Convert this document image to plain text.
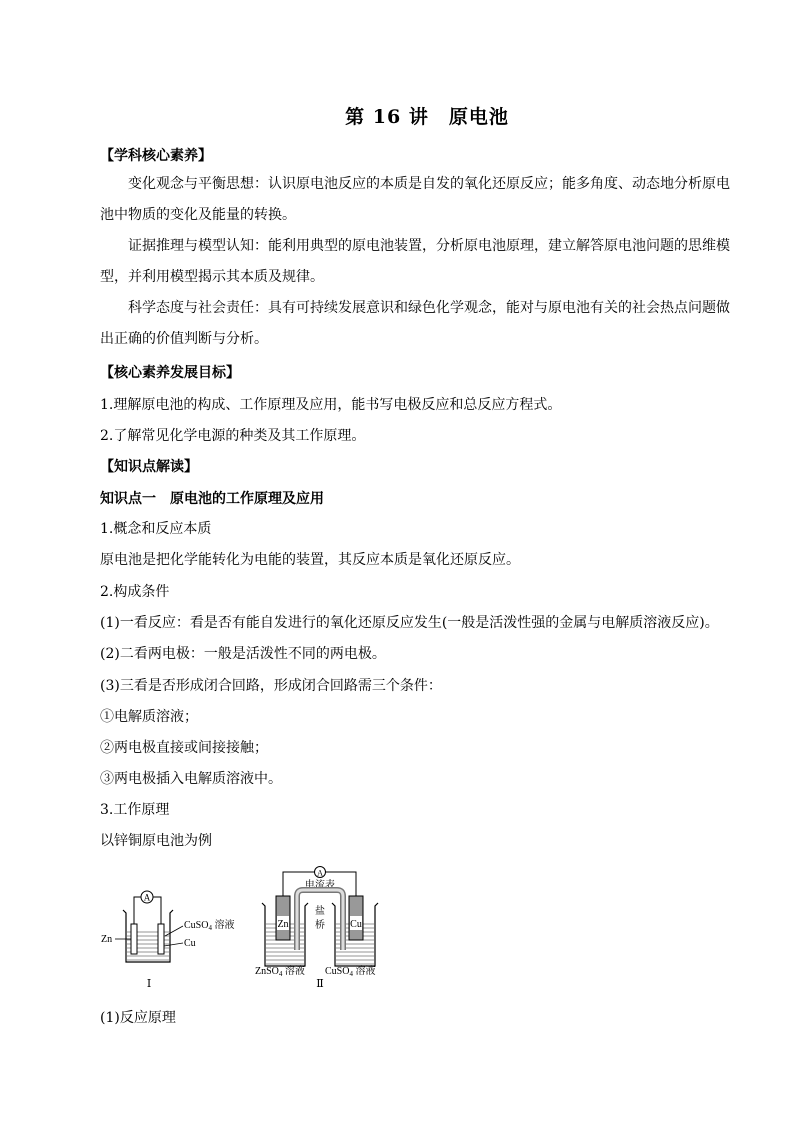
第 16 讲　原电池
【学科核心素养】
变化观念与平衡思想：认识原电池反应的本质是自发的氧化还原反应；能多角度、动态地分析原电池中物质的变化及能量的转换。
证据推理与模型认知：能利用典型的原电池装置，分析原电池原理，建立解答原电池问题的思维模型，并利用模型揭示其本质及规律。
科学态度与社会责任：具有可持续发展意识和绿色化学观念，能对与原电池有关的社会热点问题做出正确的价值判断与分析。
【核心素养发展目标】
1.理解原电池的构成、工作原理及应用，能书写电极反应和总反应方程式。
2.了解常见化学电源的种类及其工作原理。
【知识点解读】
知识点一　原电池的工作原理及应用
1.概念和反应本质
原电池是把化学能转化为电能的装置，其反应本质是氧化还原反应。
2.构成条件
(1)一看反应：看是否有能自发进行的氧化还原反应发生(一般是活泼性强的金属与电解质溶液反应)。
(2)二看两电极：一般是活泼性不同的两电极。
(3)三看是否形成闭合回路，形成闭合回路需三个条件：
①电解质溶液；
②两电极直接或间接接触；
③两电极插入电解质溶液中。
3.工作原理
以锌铜原电池为例
A
Zn
CuSO$_4$ 溶液
Cu
Ⅰ
A
电流表
Zn	Cu
盐
桥
ZnSO$_4$ 溶液 CuSO$_4$ 溶液
Ⅱ
(1)反应原理
